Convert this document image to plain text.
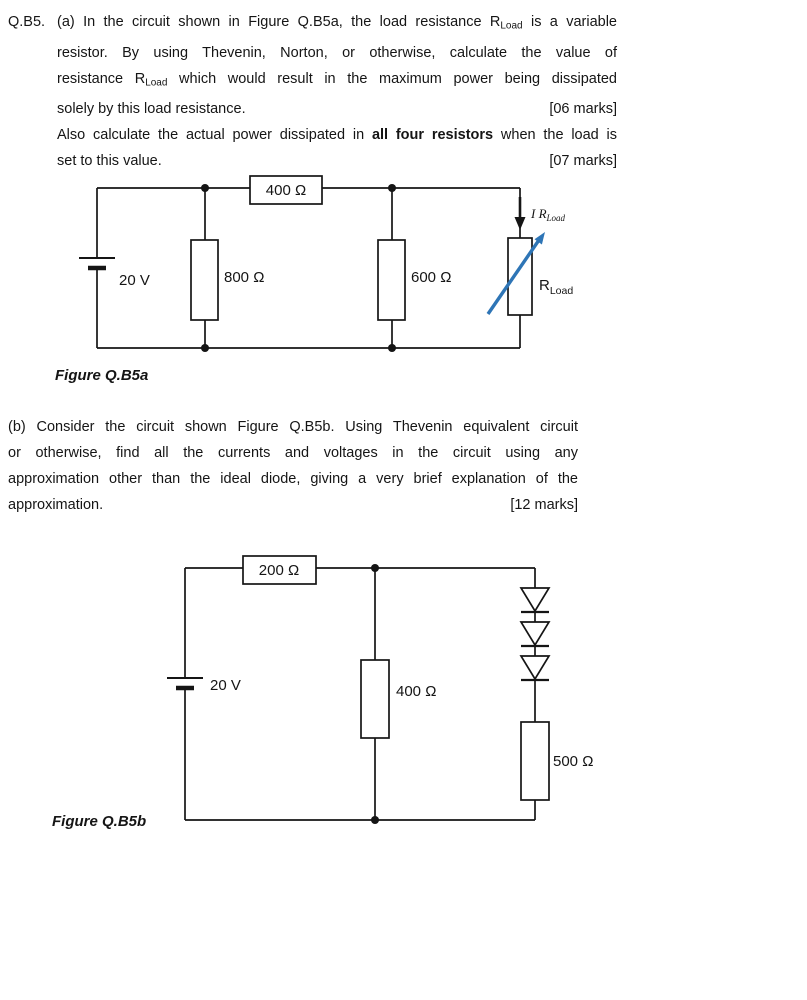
Q.B5. (a) In the circuit shown in Figure Q.B5a, the load resistance $R_{Load}$ is a variable
resistor. By using Thevenin, Norton, or otherwise, calculate the value of
resistance $R_{Load}$ which would result in the maximum power being dissipated
solely by this load resistance.	[06 marks]
Also calculate the actual power dissipated in all four resistors when the load is
set to this value.	[07 marks]
400 Ω
20 V	800 Ω	600 Ω
I $R_{Load}$
$R_{Load}$
Figure Q.B5a
(b) Consider the circuit shown Figure Q.B5b. Using Thevenin equivalent circuit
or otherwise, find all the currents and voltages in the circuit using any
approximation other than the ideal diode, giving a very brief explanation of the
approximation.	[12 marks]
200 Ω
20 V	400 Ω
500 Ω
Figure Q.B5b
